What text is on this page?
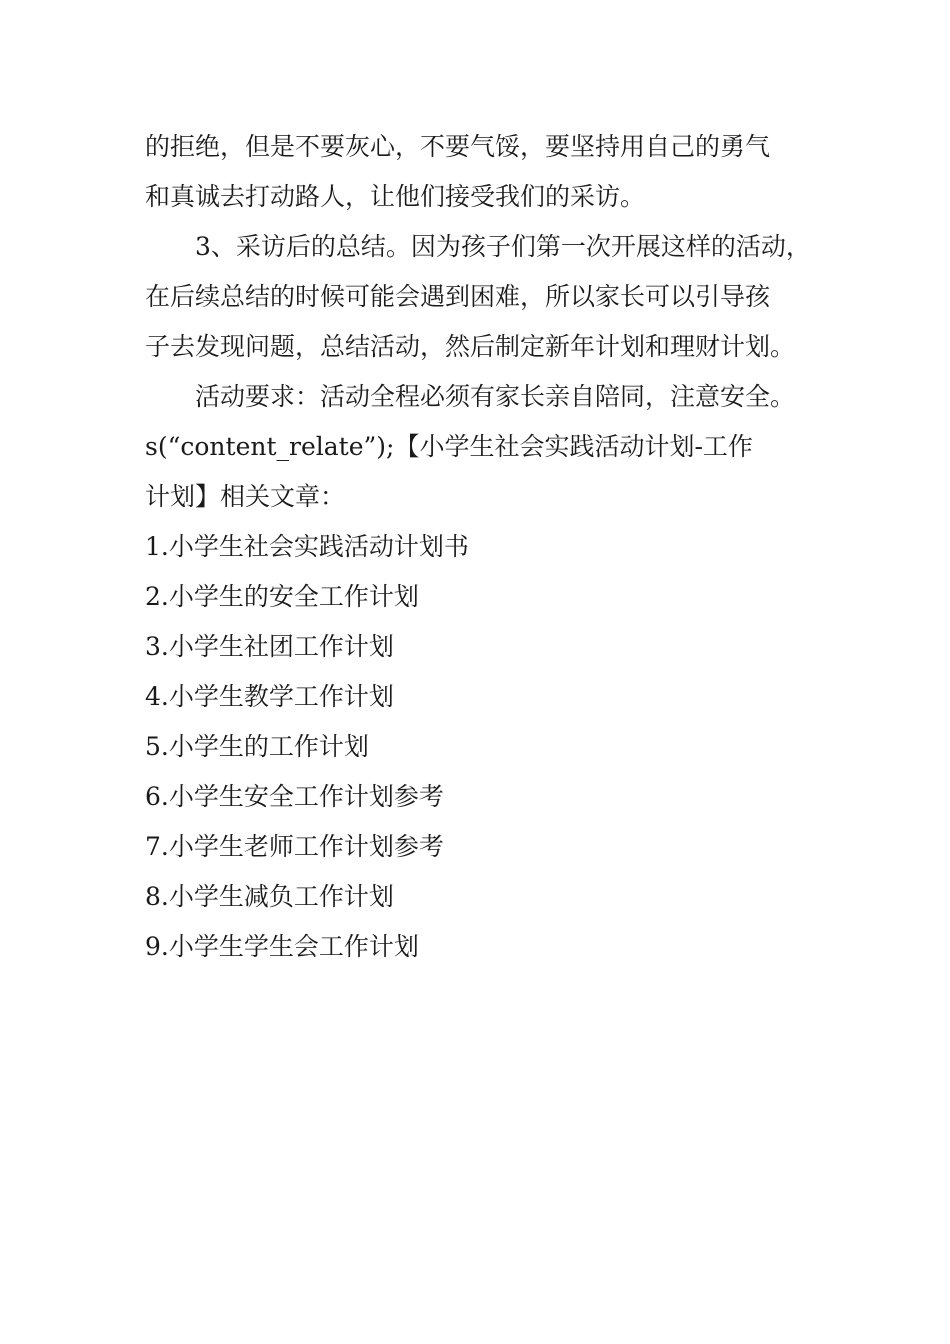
的拒绝，但是不要灰心，不要气馁，要坚持用自己的勇气
和真诚去打动路人，让他们接受我们的采访。
3、采访后的总结。因为孩子们第一次开展这样的活动，
在后续总结的时候可能会遇到困难，所以家长可以引导孩
子去发现问题，总结活动，然后制定新年计划和理财计划。
活动要求：活动全程必须有家长亲自陪同，注意安全。
s(“content_relate”);【小学生社会实践活动计划-工作
计划】相关文章：
1.小学生社会实践活动计划书
2.小学生的安全工作计划
3.小学生社团工作计划
4.小学生教学工作计划
5.小学生的工作计划
6.小学生安全工作计划参考
7.小学生老师工作计划参考
8.小学生减负工作计划
9.小学生学生会工作计划
